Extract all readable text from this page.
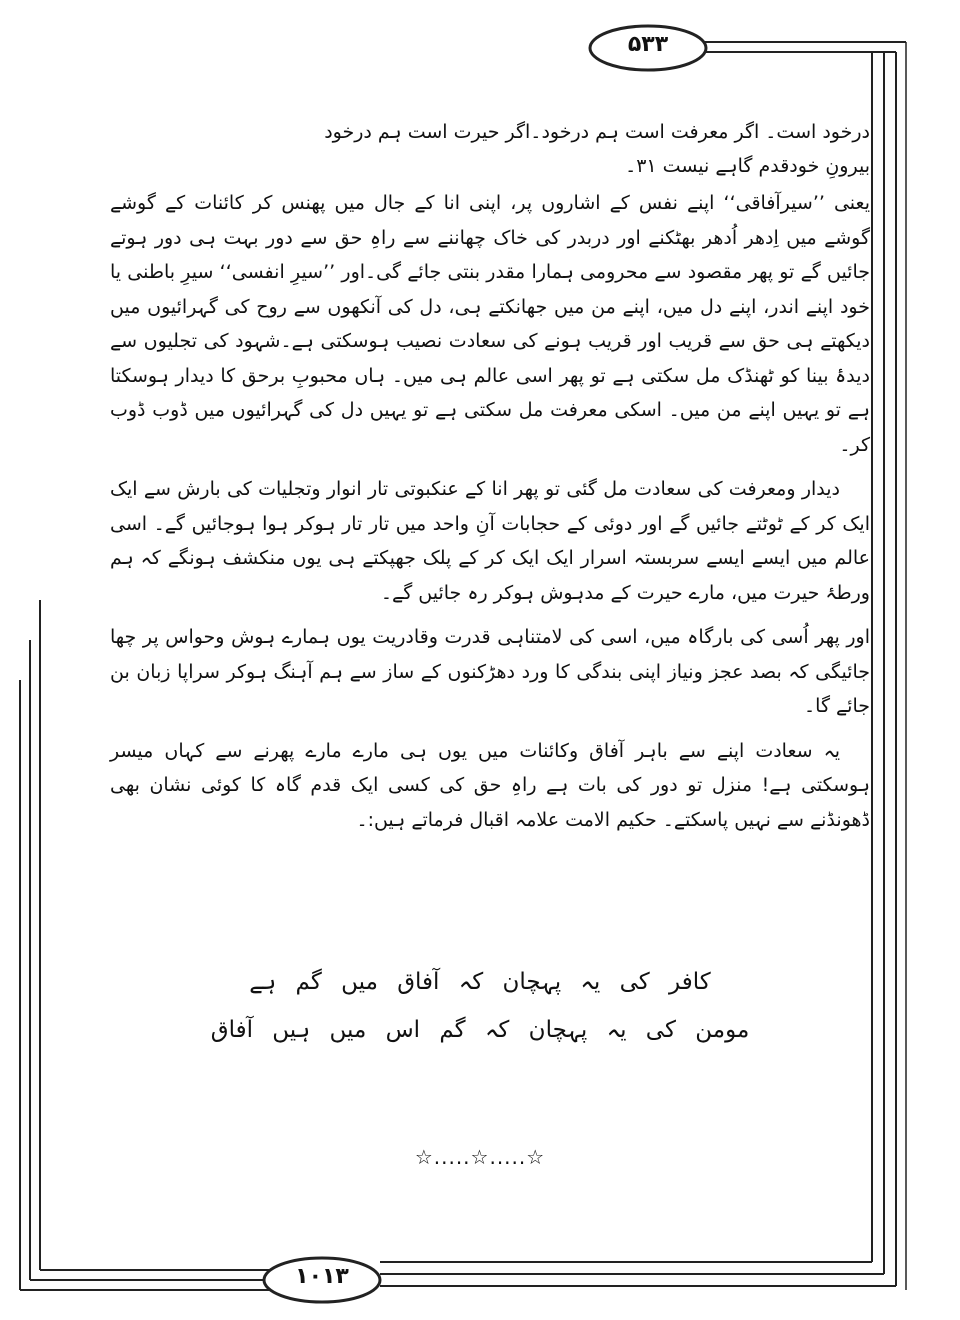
۵۳۳
۱۰۱۳

درخود است۔ اگر معرفت است ہم درخود۔اگر حیرت است ہم درخود

بیرونِ خودقدم گاہے نیست ۳۱۔

یعنی ’’سیرآفاقی‘‘ اپنے نفس کے اشاروں پر، اپنی انا کے جال میں پھنس کر کائنات کے گوشے گوشے میں اِدھر اُدھر بھٹکنے اور دربدر کی خاک چھاننے سے راہِ حق سے دور بہت ہی دور ہوتے جائیں گے تو پھر مقصود سے محرومی ہمارا مقدر بنتی جائے گی۔اور ’’سیرِ انفسی‘‘ سیرِ باطنی یا خود اپنے اندر، اپنے دل میں، اپنے من میں جھانکتے ہی، دل کی آنکھوں سے روح کی گہرائیوں میں دیکھتے ہی حق سے قریب اور قریب ہونے کی سعادت نصیب ہوسکتی ہے۔شہود کی تجلیوں سے دیدۂ بینا کو ٹھنڈک مل سکتی ہے تو پھر اسی عالم ہی میں۔ ہاں محبوبِ برحق کا دیدار ہوسکتا ہے تو یہیں اپنے من میں۔ اسکی معرفت مل سکتی ہے تو یہیں دل کی گہرائیوں میں ڈوب ڈوب کر۔

دیدار ومعرفت کی سعادت مل گئی تو پھر انا کے عنکبوتی تار انوار وتجلیات کی بارش سے ایک ایک کر کے ٹوٹتے جائیں گے اور دوئی کے حجابات آنِ واحد میں تار تار ہوکر ہوا ہوجائیں گے۔ اسی عالم میں ایسے ایسے سربستہ اسرار ایک ایک کر کے پلک جھپکتے ہی یوں منکشف ہونگے کہ ہم ورطۂ حیرت میں، مارے حیرت کے مدہوش ہوکر رہ جائیں گے۔

اور پھر اُسی کی بارگاہ میں، اسی کی لامتناہی قدرت وقادریت یوں ہمارے ہوش وحواس پر چھا جائیگی کہ بصد عجز ونیاز اپنی بندگی کا ورد دھڑکنوں کے ساز سے ہم آہنگ ہوکر سراپا زبان بن جائے گا۔

یہ سعادت اپنے سے باہر آفاق وکائنات میں یوں ہی مارے مارے پھرنے سے کہاں میسر ہوسکتی ہے! منزل تو دور کی بات ہے راہِ حق کی کسی ایک قدم گاہ کا کوئی نشان بھی ڈھونڈنے سے نہیں پاسکتے۔ حکیم الامت علامہ اقبال فرماتے ہیں:۔

کافر کی یہ پہچان کہ آفاق میں گم ہے
مومن کی یہ پہچان کہ گم اس میں ہیں آفاق
☆.....☆.....☆
